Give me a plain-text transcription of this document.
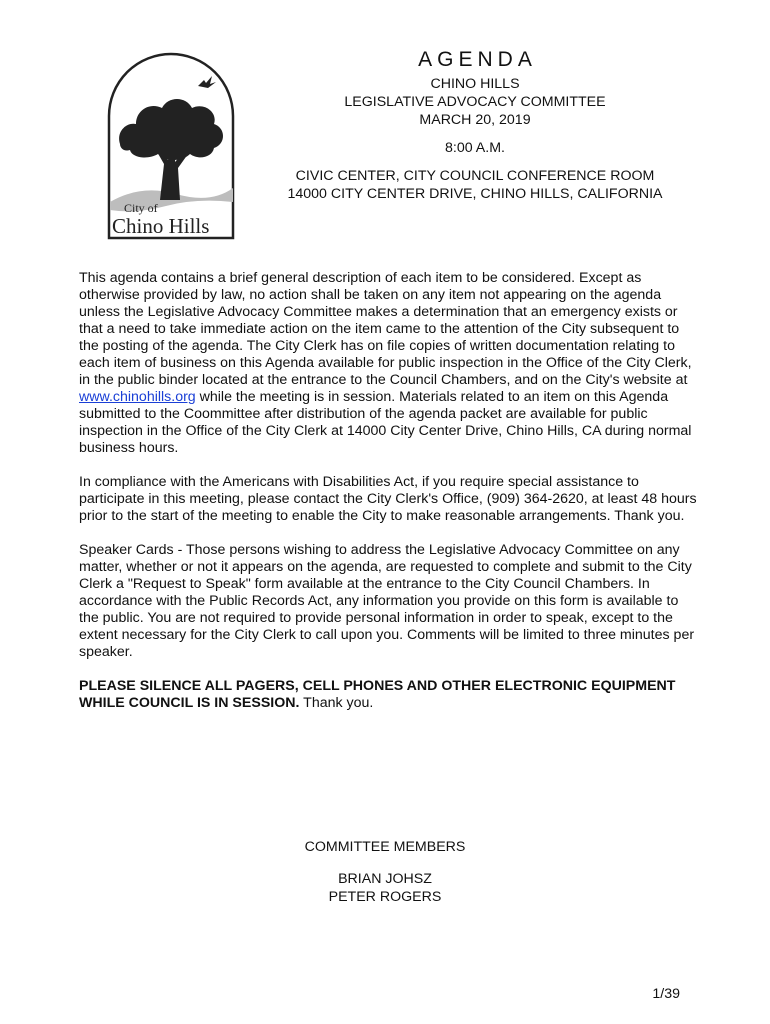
City of
Chino Hills
AGENDA
CHINO HILLS
LEGISLATIVE ADVOCACY COMMITTEE
MARCH 20, 2019
8:00 A.M.
CIVIC CENTER, CITY COUNCIL CONFERENCE ROOM
14000 CITY CENTER DRIVE, CHINO HILLS, CALIFORNIA

This agenda contains a brief general description of each item to be considered. Except as otherwise provided by law, no action shall be taken on any item not appearing on the agenda unless the Legislative Advocacy Committee makes a determination that an emergency exists or that a need to take immediate action on the item came to the attention of the City subsequent to the posting of the agenda. The City Clerk has on file copies of written documentation relating to each item of business on this Agenda available for public inspection in the Office of the City Clerk, in the public binder located at the entrance to the Council Chambers, and on the City's website at www.chinohills.org while the meeting is in session. Materials related to an item on this Agenda submitted to the Coommittee after distribution of the agenda packet are available for public inspection in the Office of the City Clerk at 14000 City Center Drive, Chino Hills, CA during normal business hours.

In compliance with the Americans with Disabilities Act, if you require special assistance to participate in this meeting, please contact the City Clerk's Office, (909) 364-2620, at least 48 hours prior to the start of the meeting to enable the City to make reasonable arrangements. Thank you.

Speaker Cards - Those persons wishing to address the Legislative Advocacy Committee on any matter, whether or not it appears on the agenda, are requested to complete and submit to the City Clerk a "Request to Speak" form available at the entrance to the City Council Chambers. In accordance with the Public Records Act, any information you provide on this form is available to the public. You are not required to provide personal information in order to speak, except to the extent necessary for the City Clerk to call upon you. Comments will be limited to three minutes per speaker.

PLEASE SILENCE ALL PAGERS, CELL PHONES AND OTHER ELECTRONIC EQUIPMENT WHILE COUNCIL IS IN SESSION. Thank you.

COMMITTEE MEMBERS
BRIAN JOHSZ
PETER ROGERS
1/39
